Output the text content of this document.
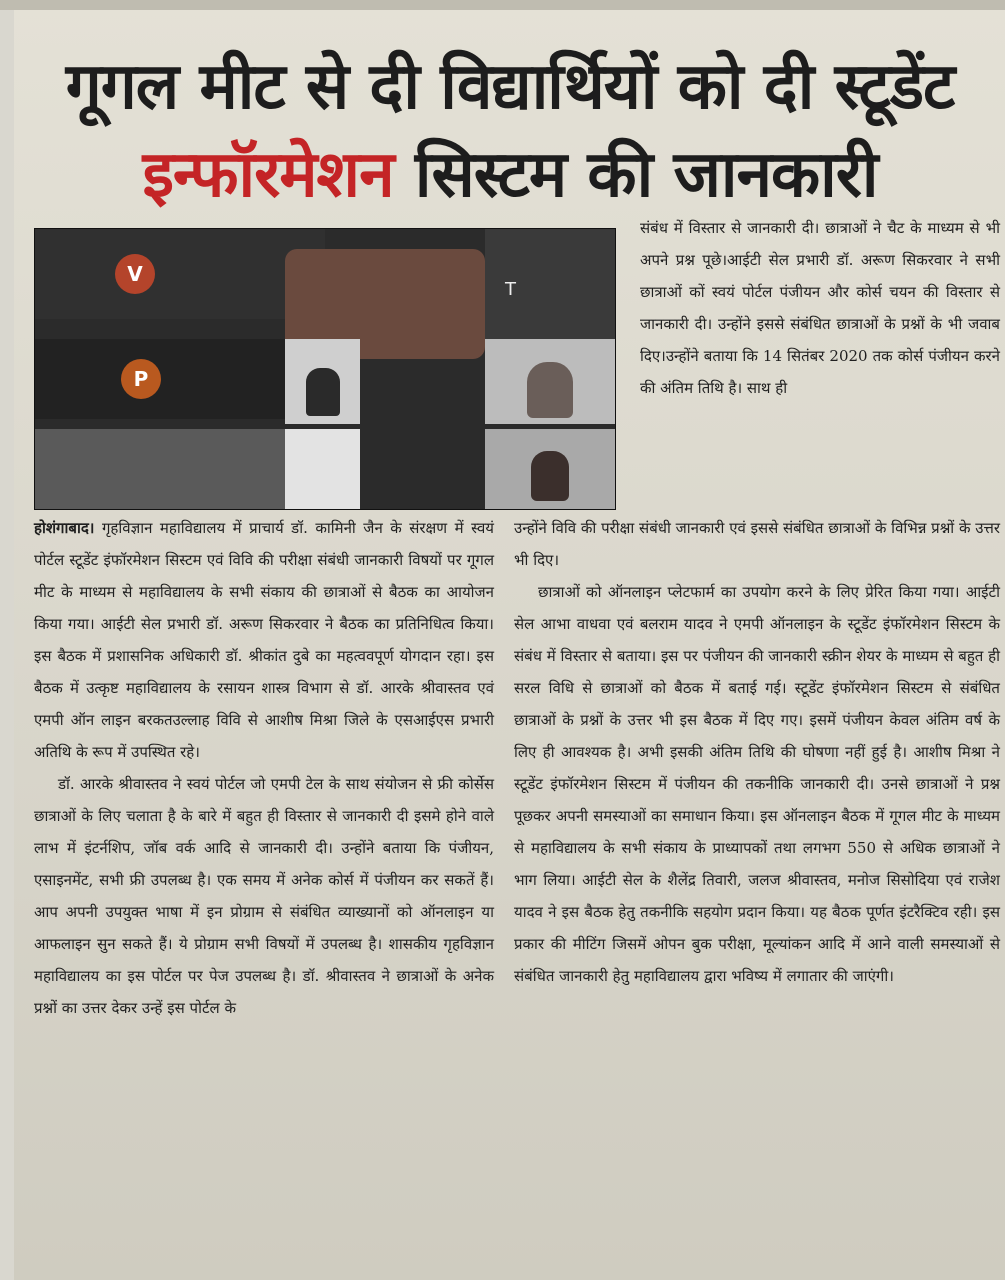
गूगल मीट से दी विद्यार्थियों को दी स्टूडेंट
इन्फॉरमेशन सिस्टम की जानकारी
V
T
P

संबंध में विस्तार से जानकारी दी। छात्राओं ने चैट के माध्यम से भी अपने प्रश्न पूछे।आईटी सेल प्रभारी डॉ. अरूण सिकरवार ने सभी छात्राओं कों स्वयं पोर्टल पंजीयन और कोर्स चयन की विस्तार से जानकारी दी। उन्होंने इससे संबंधित छात्राओं के प्रश्नों के भी जवाब दिए।उन्होंने बताया कि 14 सितंबर 2020 तक कोर्स पंजीयन करने की अंतिम तिथि है। साथ ही

होशंगाबाद। गृहविज्ञान महाविद्यालय में प्राचार्य डॉ. कामिनी जैन के संरक्षण में स्वयं पोर्टल स्टूडेंट इंफॉरमेशन सिस्टम एवं विवि की परीक्षा संबंधी जानकारी विषयों पर गूगल मीट के माध्यम से महाविद्यालय के सभी संकाय की छात्राओं से बैठक का आयोजन किया गया। आईटी सेल प्रभारी डॉ. अरूण सिकरवार ने बैठक का प्रतिनिधित्व किया। इस बैठक में प्रशासनिक अधिकारी डॉ. श्रीकांत दुबे का महत्ववपूर्ण योगदान रहा। इस बैठक में उत्कृष्ट महाविद्यालय के रसायन शास्त्र विभाग से डॉ. आरके श्रीवास्तव एवं एमपी ऑन लाइन बरकतउल्लाह विवि से आशीष मिश्रा जिले के एसआईएस प्रभारी अतिथि के रूप में उपस्थित रहे।

डॉ. आरके श्रीवास्तव ने स्वयं पोर्टल जो एमपी टेल के साथ संयोजन से फ्री कोर्सेस छात्राओं के लिए चलाता है के बारे में बहुत ही विस्तार से जानकारी दी इसमे होने वाले लाभ में इंटर्नशिप, जॉब वर्क आदि से जानकारी दी। उन्होंने बताया कि पंजीयन, एसाइनमेंट, सभी फ्री उपलब्ध है। एक समय में अनेक कोर्स में पंजीयन कर सकतें हैं। आप अपनी उपयुक्त भाषा में इन प्रोग्राम से संबंधित व्याख्यानों को ऑनलाइन या आफलाइन सुन सकते हैं। ये प्रोग्राम सभी विषयों में उपलब्ध है। शासकीय गृहविज्ञान महाविद्यालय का इस पोर्टल पर पेज उपलब्ध है। डॉ. श्रीवास्तव ने छात्राओं के अनेक प्रश्नों का उत्तर देकर उन्हें इस पोर्टल के

उन्होंने विवि की परीक्षा संबंधी जानकारी एवं इससे संबंधित छात्राओं के विभिन्न प्रश्नों के उत्तर भी दिए।

छात्राओं को ऑनलाइन प्लेटफार्म का उपयोग करने के लिए प्रेरित किया गया। आईटी सेल आभा वाधवा एवं बलराम यादव ने एमपी ऑनलाइन के स्टूडेंट इंफॉरमेशन सिस्टम के संबंध में विस्तार से बताया। इस पर पंजीयन की जानकारी स्क्रीन शेयर के माध्यम से बहुत ही सरल विधि से छात्राओं को बैठक में बताई गई। स्टूडेंट इंफॉरमेशन सिस्टम से संबंधित छात्राओं के प्रश्नों के उत्तर भी इस बैठक में दिए गए। इसमें पंजीयन केवल अंतिम वर्ष के लिए ही आवश्यक है। अभी इसकी अंतिम तिथि की घोषणा नहीं हुई है। आशीष मिश्रा ने स्टूडेंट इंफॉरमेशन सिस्टम में पंजीयन की तकनीकि जानकारी दी। उनसे छात्राओं ने प्रश्न पूछकर अपनी समस्याओं का समाधान किया। इस ऑनलाइन बैठक में गूगल मीट के माध्यम से महाविद्यालय के सभी संकाय के प्राध्यापकों तथा लगभग 550 से अधिक छात्राओं ने भाग लिया। आईटी सेल के शैलेंद्र तिवारी, जलज श्रीवास्तव, मनोज सिसोदिया एवं राजेश यादव ने इस बैठक हेतु तकनीकि सहयोग प्रदान किया। यह बैठक पूर्णत इंटरैक्टिव रही। इस प्रकार की मीटिंग जिसमें ओपन बुक परीक्षा, मूल्यांकन आदि में आने वाली समस्याओं से संबंधित जानकारी हेतु महाविद्यालय द्वारा भविष्य में लगातार की जाएंगी।
